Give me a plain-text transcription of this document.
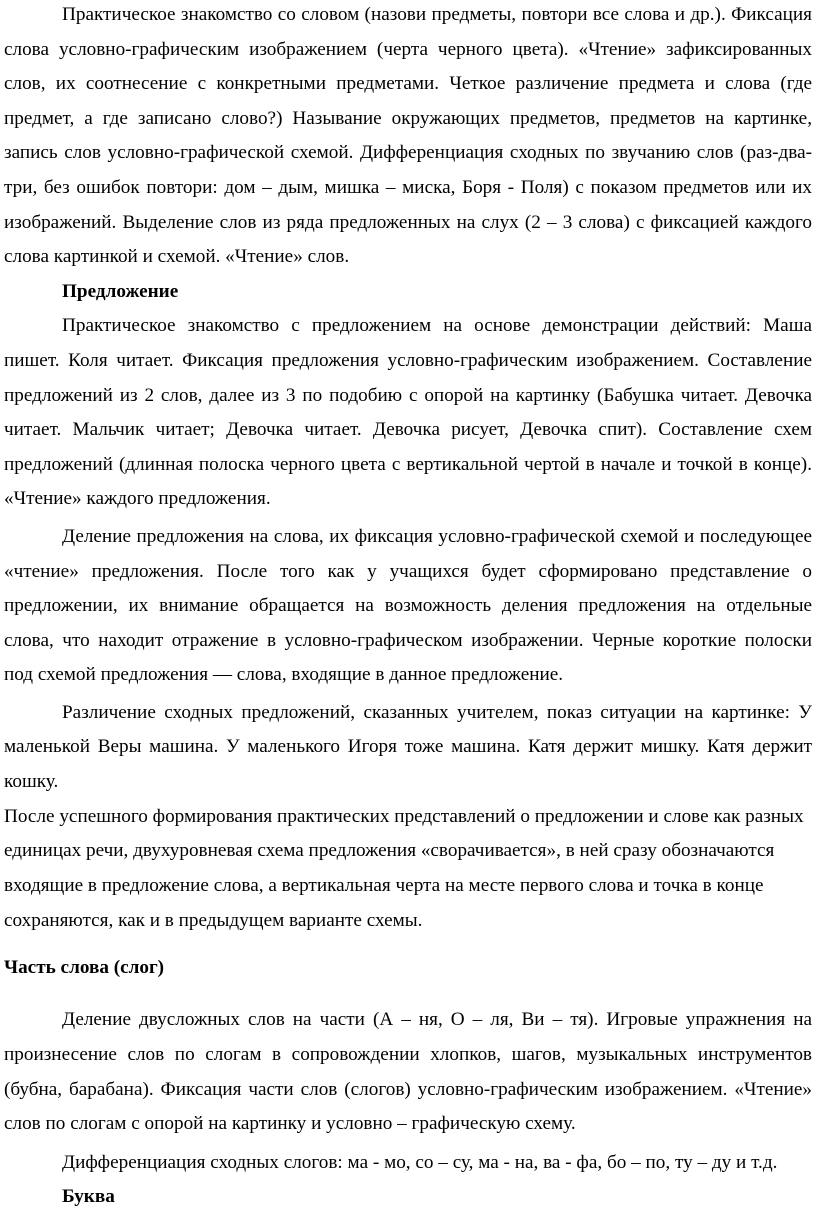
Практическое знакомство со словом (назови предметы, повтори все слова и др.). Фиксация слова условно-графическим изображением (черта черного цвета). «Чтение» зафиксированных слов, их соотнесение с конкретными предметами. Четкое различение предмета и слова (где предмет, а где записано слово?) Называние окружающих предметов, предметов на картинке, запись слов условно-графической схемой. Дифференциация сходных по звучанию слов (раз-два-три, без ошибок повтори: дом – дым, мишка – миска, Боря - Поля) с показом предметов или их изображений. Выделение слов из ряда предложенных на слух (2 – 3 слова) с фиксацией каждого слова картинкой и схемой. «Чтение» слов.

Предложение

Практическое знакомство с предложением на основе демонстрации действий: Маша пишет. Коля читает. Фиксация предложения условно-графическим изображением. Составление предложений из 2 слов, далее из 3 по подобию с опорой на картинку (Бабушка читает. Девочка читает. Мальчик читает; Девочка читает. Девочка рисует, Девочка спит). Составление схем предложений (длинная полоска черного цвета с вертикальной чертой в начале и точкой в конце). «Чтение» каждого предложения.

Деление предложения на слова, их фиксация условно-графической схемой и последующее «чтение» предложения. После того как у учащихся будет сформировано представление о предложении, их внимание обращается на возможность деления предложения на отдельные слова, что находит отражение в условно-графическом изображении. Черные короткие полоски под схемой предложения — слова, входящие в данное предложение.

Различение сходных предложений, сказанных учителем, показ ситуации на картинке: У маленькой Веры машина. У маленького Игоря тоже машина. Катя держит мишку. Катя держит кошку.

После успешного формирования практических представлений о предложении и слове как разных единицах речи, двухуровневая схема предложения «сворачивается», в ней сразу обозначаются входящие в предложение слова, а вертикальная черта на месте первого слова и точка в конце сохраняются, как и в предыдущем варианте схемы.

Часть слова (слог)

Деление двусложных слов на части (А – ня, О – ля, Ви – тя). Игровые упражнения на произнесение слов по слогам в сопровождении хлопков, шагов, музыкальных инструментов (бубна, барабана). Фиксация части слов (слогов) условно-графическим изображением. «Чтение» слов по слогам с опорой на картинку и условно – графическую схему.

Дифференциация сходных слогов: ма - мо, со – су, ма - на, ва - фа, бо – по, ту – ду и т.д.

Буква
